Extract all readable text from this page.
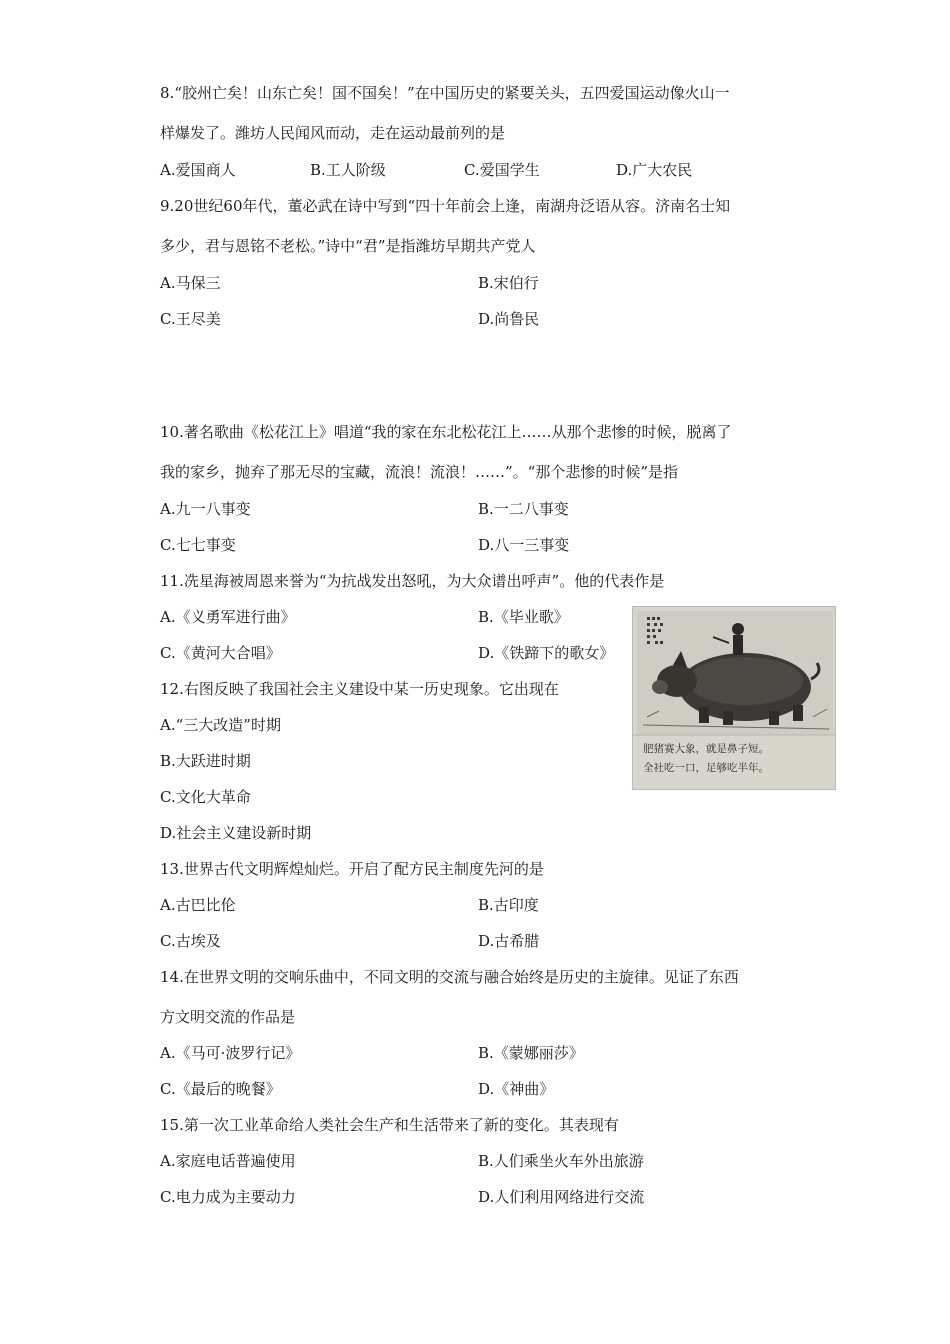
8.“胶州亡矣！山东亡矣！国不国矣！”在中国历史的紧要关头，五四爱国运动像火山一
样爆发了。潍坊人民闻风而动，走在运动最前列的是
A.爱国商人	B.工人阶级	C.爱国学生	D.广大农民
9.20世纪60年代，董必武在诗中写到“四十年前会上逢，南湖舟泛语从容。济南名士知
多少，君与恩铭不老松。”诗中“君”是指潍坊早期共产党人
A.马保三	B.宋伯行
C.王尽美	D.尚鲁民
10.著名歌曲《松花江上》唱道“我的家在东北松花江上……从那个悲惨的时候，脱离了
我的家乡，抛弃了那无尽的宝藏，流浪！流浪！……”。“那个悲惨的时候”是指
A.九一八事变	B.一二八事变
C.七七事变	D.八一三事变
11.冼星海被周恩来誉为“为抗战发出怒吼，为大众谱出呼声”。他的代表作是
A.《义勇军进行曲》	B.《毕业歌》
C.《黄河大合唱》	D.《铁蹄下的歌女》
12.右图反映了我国社会主义建设中某一历史现象。它出现在
A.“三大改造”时期
B.大跃进时期
C.文化大革命
D.社会主义建设新时期
肥猪赛大象，就是鼻子短。
全社吃一口，足够吃半年。
13.世界古代文明辉煌灿烂。开启了配方民主制度先河的是
A.古巴比伦	B.古印度
C.古埃及	D.古希腊
14.在世界文明的交响乐曲中，不同文明的交流与融合始终是历史的主旋律。见证了东西
方文明交流的作品是
A.《马可·波罗行记》	B.《蒙娜丽莎》
C.《最后的晚餐》	D.《神曲》
15.第一次工业革命给人类社会生产和生活带来了新的变化。其表现有
A.家庭电话普遍使用	B.人们乘坐火车外出旅游
C.电力成为主要动力	D.人们利用网络进行交流
